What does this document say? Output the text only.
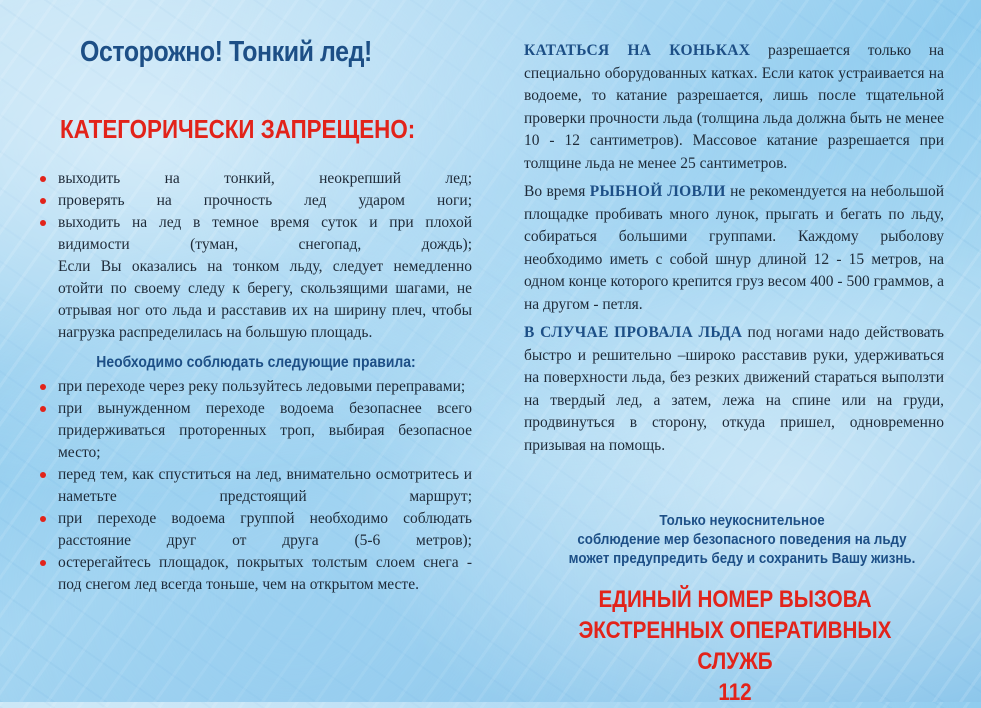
Осторожно! Тонкий лед!
КАТЕГОРИЧЕСКИ ЗАПРЕЩЕНО:
выходить на тонкий, неокрепший лед;
проверять на прочность лед ударом ноги;
выходить на лед в темное время суток и при плохой видимости (туман, снегопад, дождь);
Если Вы оказались на тонком льду, следует немедленно отойти по своему следу к берегу, скользящими шагами, не отрывая ног ото льда и расставив их на ширину плеч, чтобы нагрузка распределилась на большую площадь.
Необходимо соблюдать следующие правила:
при переходе через реку пользуйтесь ледовыми переправами;
при вынужденном переходе водоема безопаснее всего придерживаться проторенных троп, выбирая безопасное место;
перед тем, как спуститься на лед, внимательно осмотритесь и наметьте предстоящий маршрут;
при переходе водоема группой необходимо соблюдать расстояние друг от друга (5-6 метров);
остерегайтесь площадок, покрытых толстым слоем снега - под снегом лед всегда тоньше, чем на открытом месте.

КАТАТЬСЯ НА КОНЬКАХ разрешается только на специально оборудованных катках. Если каток устраивается на водоеме, то катание разрешается, лишь после тщательной проверки прочности льда (толщина льда должна быть не менее 10 - 12 сантиметров). Массовое катание разрешается при толщине льда не менее 25 сантиметров.

Во время РЫБНОЙ ЛОВЛИ не рекомендуется на небольшой площадке пробивать много лунок, прыгать и бегать по льду, собираться большими группами. Каждому рыболову необходимо иметь с собой шнур длиной 12 - 15 метров, на одном конце которого крепится груз весом 400 - 500 граммов, а на другом - петля.

В СЛУЧАЕ ПРОВАЛА ЛЬДА под ногами надо действовать быстро и решительно –широко расставив руки, удерживаться на поверхности льда, без резких движений стараться выползти на твердый лед, а затем, лежа на спине или на груди, продвинуться в сторону, откуда пришел, одновременно призывая на помощь.

Только неукоснительное
соблюдение мер безопасного поведения на льду
может предупредить беду и сохранить Вашу жизнь.
ЕДИНЫЙ НОМЕР ВЫЗОВА
ЭКСТРЕННЫХ ОПЕРАТИВНЫХ СЛУЖБ
112
